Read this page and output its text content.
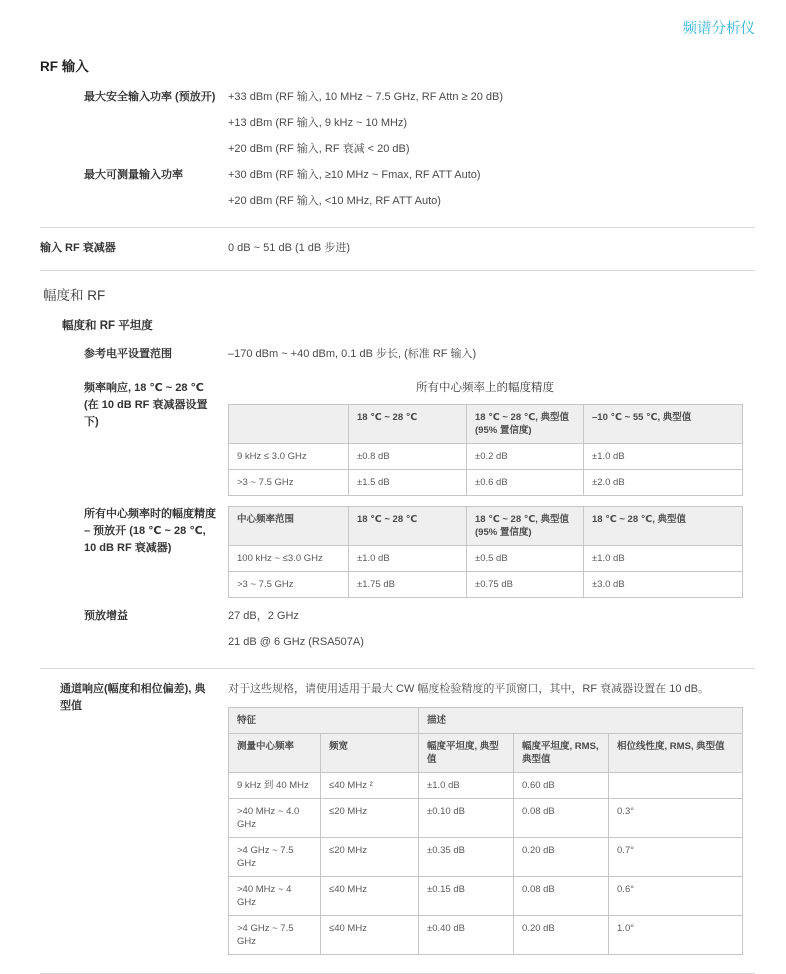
频谱分析仪
RF 输入
最大安全输入功率 (预放开)	+33 dBm (RF 输入, 10 MHz ~ 7.5 GHz, RF Attn ≥ 20 dB)

+13 dBm (RF 输入, 9 kHz ~ 10 MHz)

+20 dBm (RF 输入, RF 衰减 < 20 dB)

最大可测量输入功率	+30 dBm (RF 输入, ≥10 MHz ~ Fmax, RF ATT Auto)

+20 dBm (RF 输入, <10 MHz, RF ATT Auto)

输入 RF 衰减器	0 dB ~ 51 dB (1 dB 步进)

幅度和 RF
幅度和 RF 平坦度
参考电平设置范围	–170 dBm ~ +40 dBm, 0.1 dB 步长, (标准 RF 输入)

频率响应, 18 ℃ ~ 28 ℃ (在 10 dB RF 衰减器设置下)
所有中心频率上的幅度精度
	18 ℃ ~ 28 ℃	18 ℃ ~ 28 ℃, 典型值 (95% 置信度)	–10 ℃ ~ 55 ℃, 典型值
9 kHz ≤ 3.0 GHz	±0.8 dB	±0.2 dB	±1.0 dB
>3 ~ 7.5 GHz	±1.5 dB	±0.6 dB	±2.0 dB
所有中心频率时的幅度精度 – 预放开 (18 ℃ ~ 28 ℃, 10 dB RF 衰减器)
中心频率范围	18 ℃ ~ 28 ℃	18 ℃ ~ 28 ℃, 典型值 (95% 置信度)	18 ℃ ~ 28 ℃, 典型值
100 kHz ~ ≤3.0 GHz	±1.0 dB	±0.5 dB	±1.0 dB
>3 ~ 7.5 GHz	±1.75 dB	±0.75 dB	±3.0 dB
预放增益	27 dB，2 GHz

21 dB @ 6 GHz (RSA507A)

通道响应(幅度和相位偏差), 典型值

对于这些规格，请使用适用于最大 CW 幅度检验精度的平顶窗口，其中，RF 衰减器设置在 10 dB。

特征		描述		
测量中心频率	频宽	幅度平坦度, 典型值	幅度平坦度, RMS, 典型值	相位线性度, RMS, 典型值
9 kHz 到 40 MHz	≤40 MHz ²	±1.0 dB	0.60 dB	
>40 MHz ~ 4.0 GHz	≤20 MHz	±0.10 dB	0.08 dB	0.3°
>4 GHz ~ 7.5 GHz	≤20 MHz	±0.35 dB	0.20 dB	0.7°
>40 MHz ~ 4 GHz	≤40 MHz	±0.15 dB	0.08 dB	0.6°
>4 GHz ~ 7.5 GHz	≤40 MHz	±0.40 dB	0.20 dB	1.0°
